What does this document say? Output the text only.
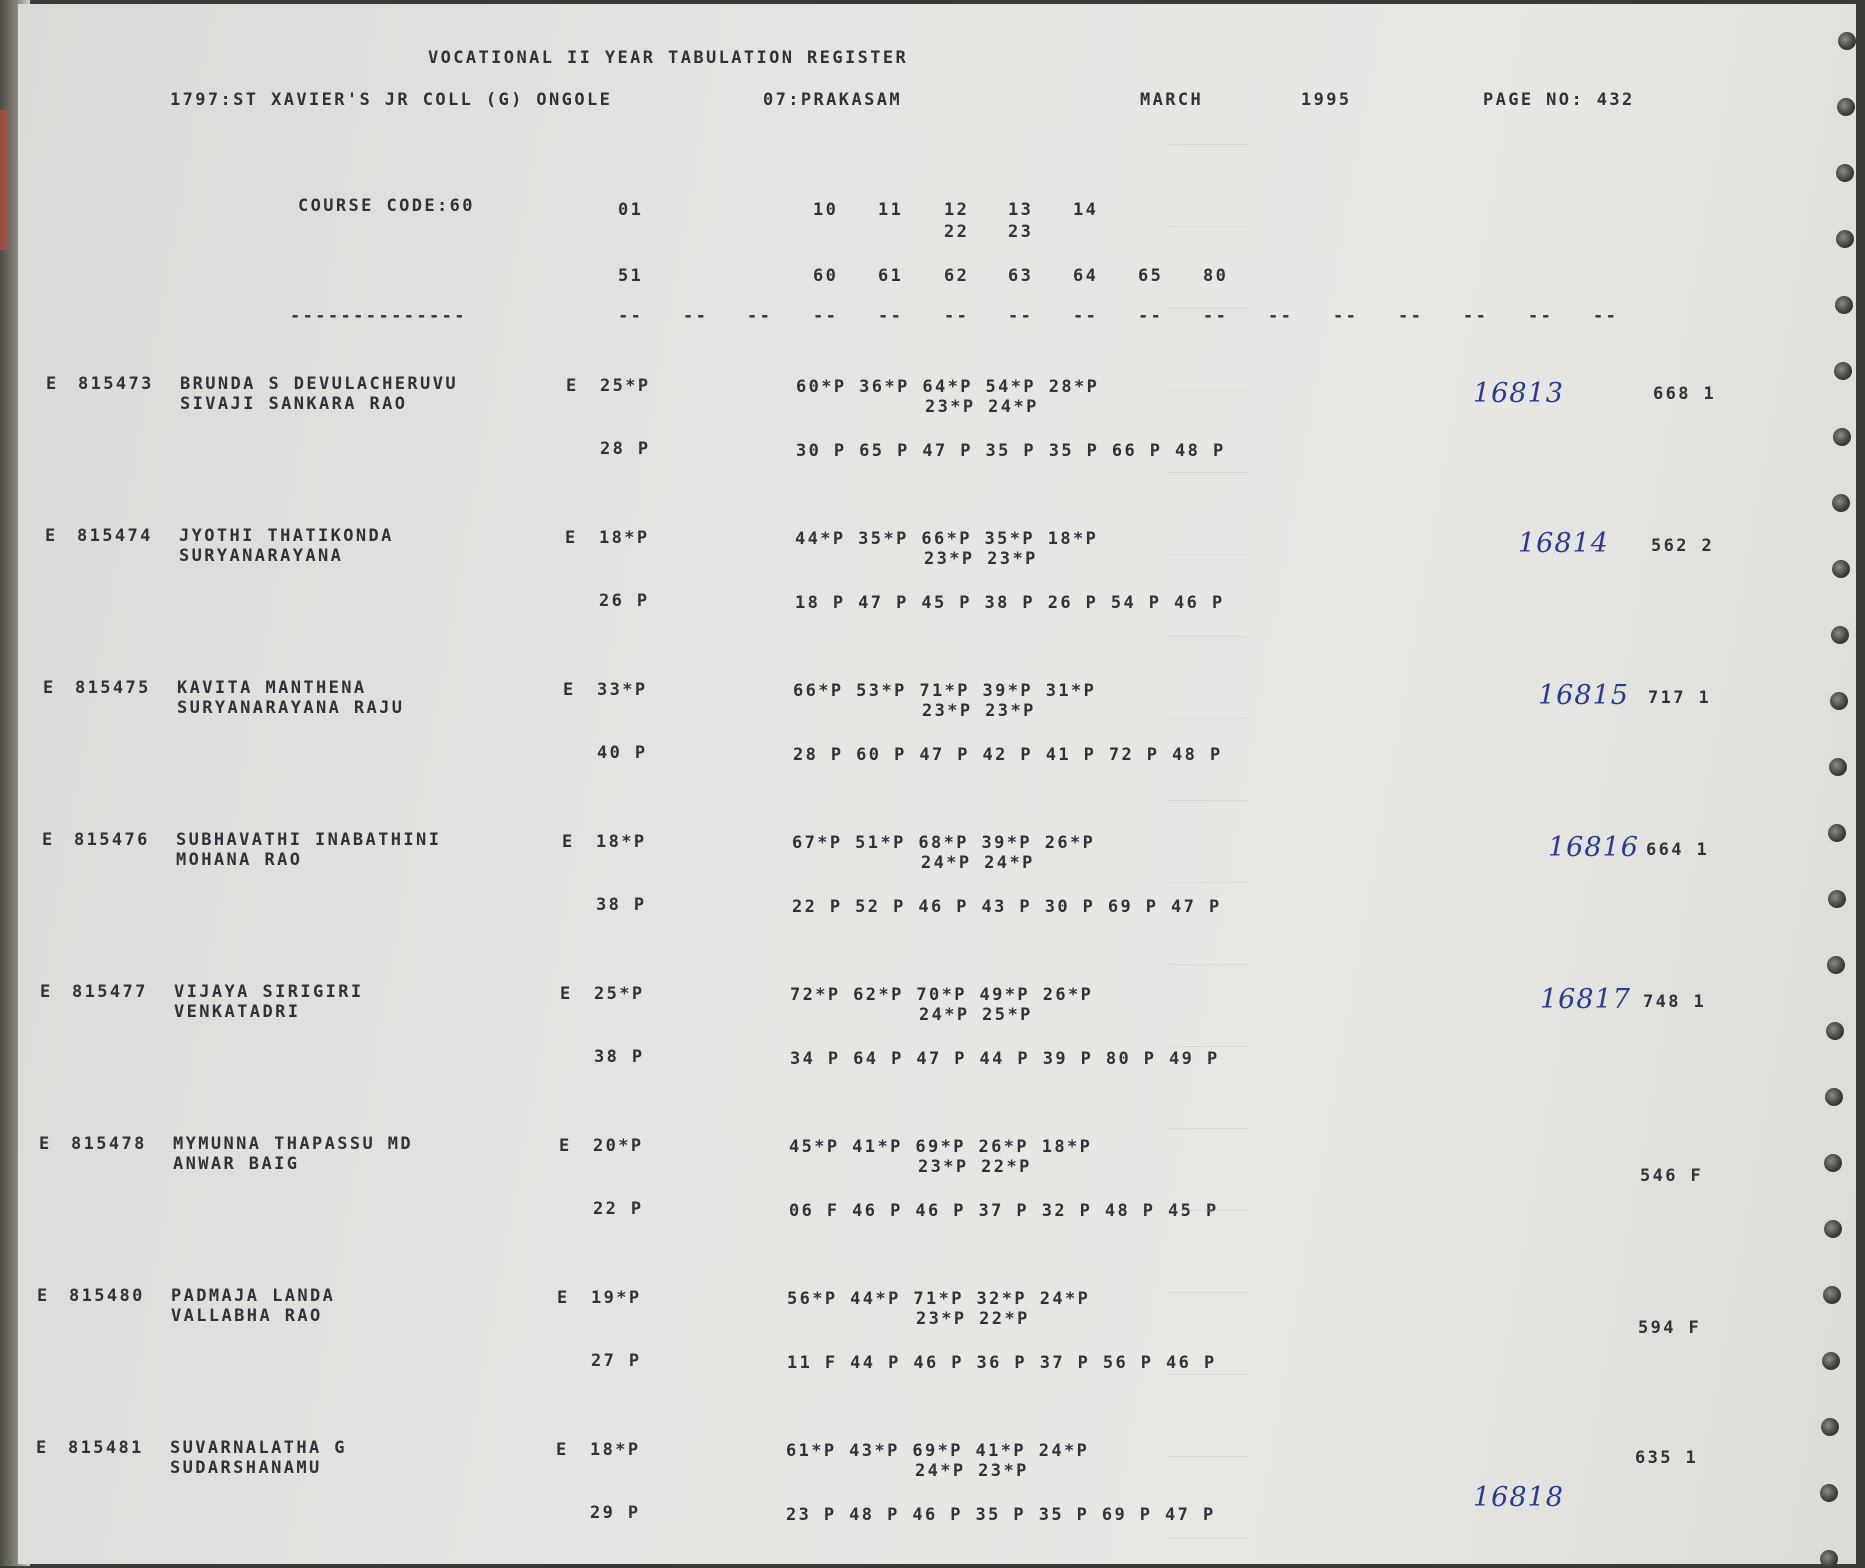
VOCATIONAL II YEAR TABULATION REGISTER
1797:ST XAVIER'S JR COLL (G) ONGOLE	07:PRAKASAM	MARCH	1995	PAGE NO: 432
COURSE CODE:60	01	10 11 12 13 14
22 23
51	60 61 62 63 64 65 80
--------------	-- -- -- -- -- -- -- -- -- -- -- -- -- -- -- --
E 815473 BRUNDA S DEVULACHERUVU
SIVAJI SANKARA RAO
E 25*P	60*P 36*P 64*P 54*P 28*P
23*P 24*P
28 P	30 P 65 P 47 P 35 P 35 P 66 P 48 P
16813	668 1
E 815474 JYOTHI THATIKONDA
SURYANARAYANA
E 18*P	44*P 35*P 66*P 35*P 18*P
23*P 23*P
26 P	18 P 47 P 45 P 38 P 26 P 54 P 46 P
16814 562 2
E 815475 KAVITA MANTHENA
SURYANARAYANA RAJU
E 33*P	66*P 53*P 71*P 39*P 31*P
23*P 23*P
40 P	28 P 60 P 47 P 42 P 41 P 72 P 48 P
16815 717 1
E 815476 SUBHAVATHI INABATHINI
MOHANA RAO
E 18*P	67*P 51*P 68*P 39*P 26*P
24*P 24*P
38 P	22 P 52 P 46 P 43 P 30 P 69 P 47 P
16816 664 1
E 815477 VIJAYA SIRIGIRI
VENKATADRI
E 25*P	72*P 62*P 70*P 49*P 26*P
24*P 25*P
38 P	34 P 64 P 47 P 44 P 39 P 80 P 49 P
16817 748 1
E 815478 MYMUNNA THAPASSU MD
ANWAR BAIG
E 20*P	45*P 41*P 69*P 26*P 18*P
23*P 22*P
22 P	06 F 46 P 46 P 37 P 32 P 48 P 45 P
546 F
E 815480 PADMAJA LANDA
VALLABHA RAO
E 19*P	56*P 44*P 71*P 32*P 24*P
23*P 22*P
27 P	11 F 44 P 46 P 36 P 37 P 56 P 46 P
594 F
E 815481 SUVARNALATHA G
SUDARSHANAMU
E 18*P	61*P 43*P 69*P 41*P 24*P
24*P 23*P
29 P	23 P 48 P 46 P 35 P 35 P 69 P 47 P
16818
635 1
